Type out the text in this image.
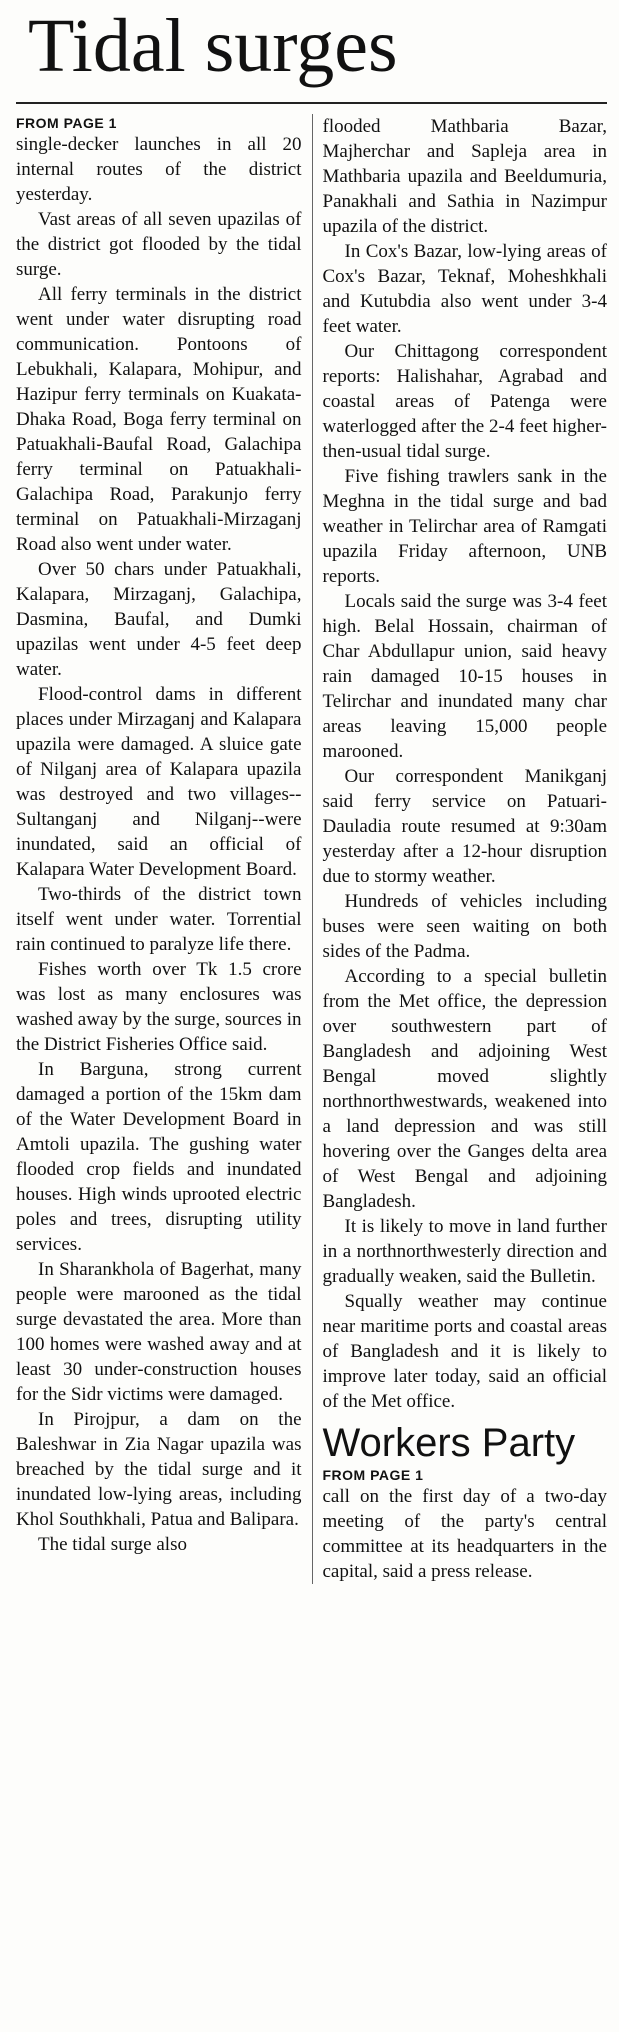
Tidal surges
FROM PAGE 1

single-decker launches in all 20 internal routes of the district yesterday.

Vast areas of all seven upazilas of the district got flooded by the tidal surge.

All ferry terminals in the district went under water disrupting road communication. Pontoons of Lebukhali, Kalapara, Mohipur, and Hazipur ferry terminals on Kuakata-Dhaka Road, Boga ferry terminal on Patuakhali-Baufal Road, Galachipa ferry terminal on Patuakhali-Galachipa Road, Parakunjo ferry terminal on Patuakhali-Mirzaganj Road also went under water.

Over 50 chars under Patuakhali, Kalapara, Mirzaganj, Galachipa, Dasmina, Baufal, and Dumki upazilas went under 4-5 feet deep water.

Flood-control dams in different places under Mirzaganj and Kalapara upazila were damaged. A sluice gate of Nilganj area of Kalapara upazila was destroyed and two villages--Sultanganj and Nilganj--were inundated, said an official of Kalapara Water Development Board.

Two-thirds of the district town itself went under water. Torrential rain continued to paralyze life there.

Fishes worth over Tk 1.5 crore was lost as many enclosures was washed away by the surge, sources in the District Fisheries Office said.

In Barguna, strong current damaged a portion of the 15km dam of the Water Development Board in Amtoli upazila. The gushing water flooded crop fields and inundated houses. High winds uprooted electric poles and trees, disrupting utility services.

In Sharankhola of Bagerhat, many people were marooned as the tidal surge devastated the area. More than 100 homes were washed away and at least 30 under-construction houses for the Sidr victims were damaged.

In Pirojpur, a dam on the Baleshwar in Zia Nagar upazila was breached by the tidal surge and it inundated low-lying areas, including Khol Southkhali, Patua and Balipara.

The tidal surge also

flooded Mathbaria Bazar, Majherchar and Sapleja area in Mathbaria upazila and Beeldumuria, Panakhali and Sathia in Nazimpur upazila of the district.

In Cox's Bazar, low-lying areas of Cox's Bazar, Teknaf, Moheshkhali and Kutubdia also went under 3-4 feet water.

Our Chittagong correspondent reports: Halishahar, Agrabad and coastal areas of Patenga were waterlogged after the 2-4 feet higher-then-usual tidal surge.

Five fishing trawlers sank in the Meghna in the tidal surge and bad weather in Telirchar area of Ramgati upazila Friday afternoon, UNB reports.

Locals said the surge was 3-4 feet high. Belal Hossain, chairman of Char Abdullapur union, said heavy rain damaged 10-15 houses in Telirchar and inundated many char areas leaving 15,000 people marooned.

Our correspondent Manikganj said ferry service on Patuari-Dauladia route resumed at 9:30am yesterday after a 12-hour disruption due to stormy weather.

Hundreds of vehicles including buses were seen waiting on both sides of the Padma.

According to a special bulletin from the Met office, the depression over southwestern part of Bangladesh and adjoining West Bengal moved slightly northnorthwestwards, weakened into a land depression and was still hovering over the Ganges delta area of West Bengal and adjoining Bangladesh.

It is likely to move in land further in a northnorthwesterly direction and gradually weaken, said the Bulletin.

Squally weather may continue near maritime ports and coastal areas of Bangladesh and it is likely to improve later today, said an official of the Met office.

Workers Party
FROM PAGE 1

call on the first day of a two-day meeting of the party's central committee at its headquarters in the capital, said a press release.
